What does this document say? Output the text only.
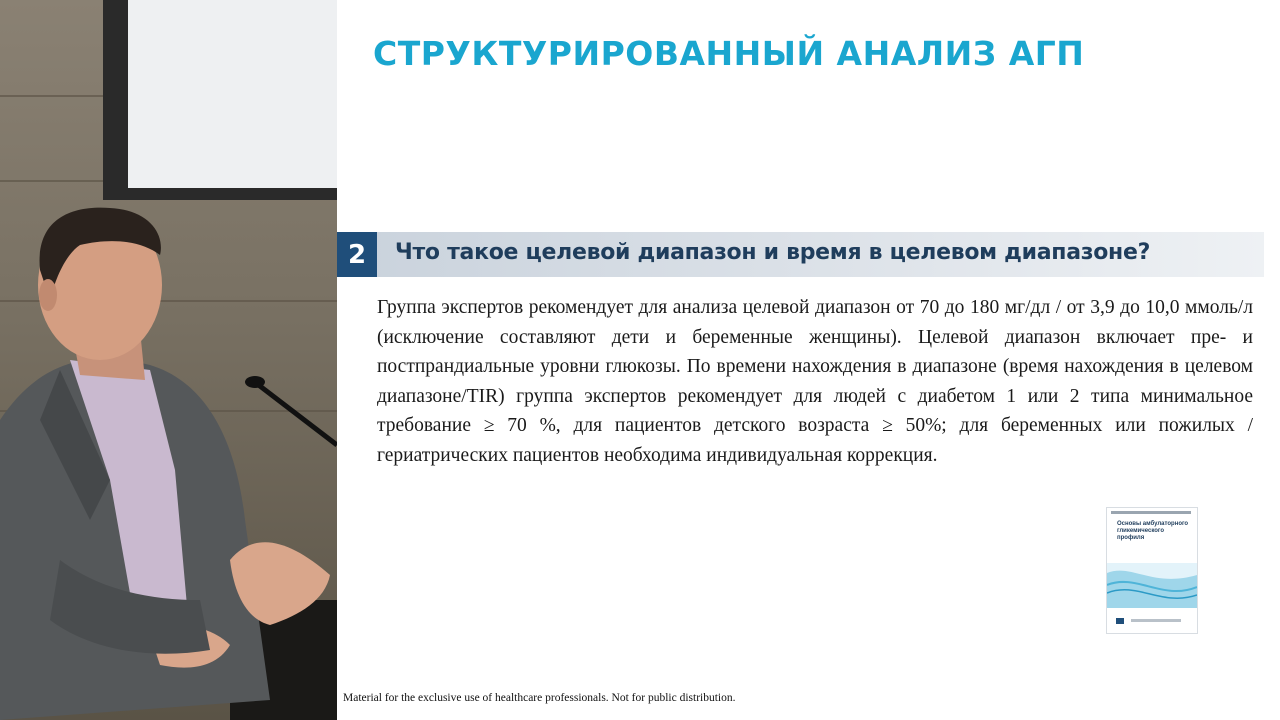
СТРУКТУРИРОВАННЫЙ АНАЛИЗ АГП
2	Что такое целевой диапазон и время в целевом диапазоне?
Группа экспертов рекомендует для анализа целевой диапазон от 70 до 180 мг/дл / от 3,9 до 10,0 ммоль/л (исключение составляют дети и беременные женщины). Целевой диапазон включает пре- и постпрандиальные уровни глюкозы. По времени нахождения в диапазоне (время нахождения в целевом диапазоне/TIR) группа экспертов рекомендует для людей с диабетом 1 или 2 типа минимальное требование ≥ 70 %, для пациентов детского возраста ≥ 50%; для беременных или пожилых / гериатрических пациентов необходима индивидуальная коррекция.
Основы амбулаторного гликемического профиля
Material for the exclusive use of healthcare professionals. Not for public distribution.
